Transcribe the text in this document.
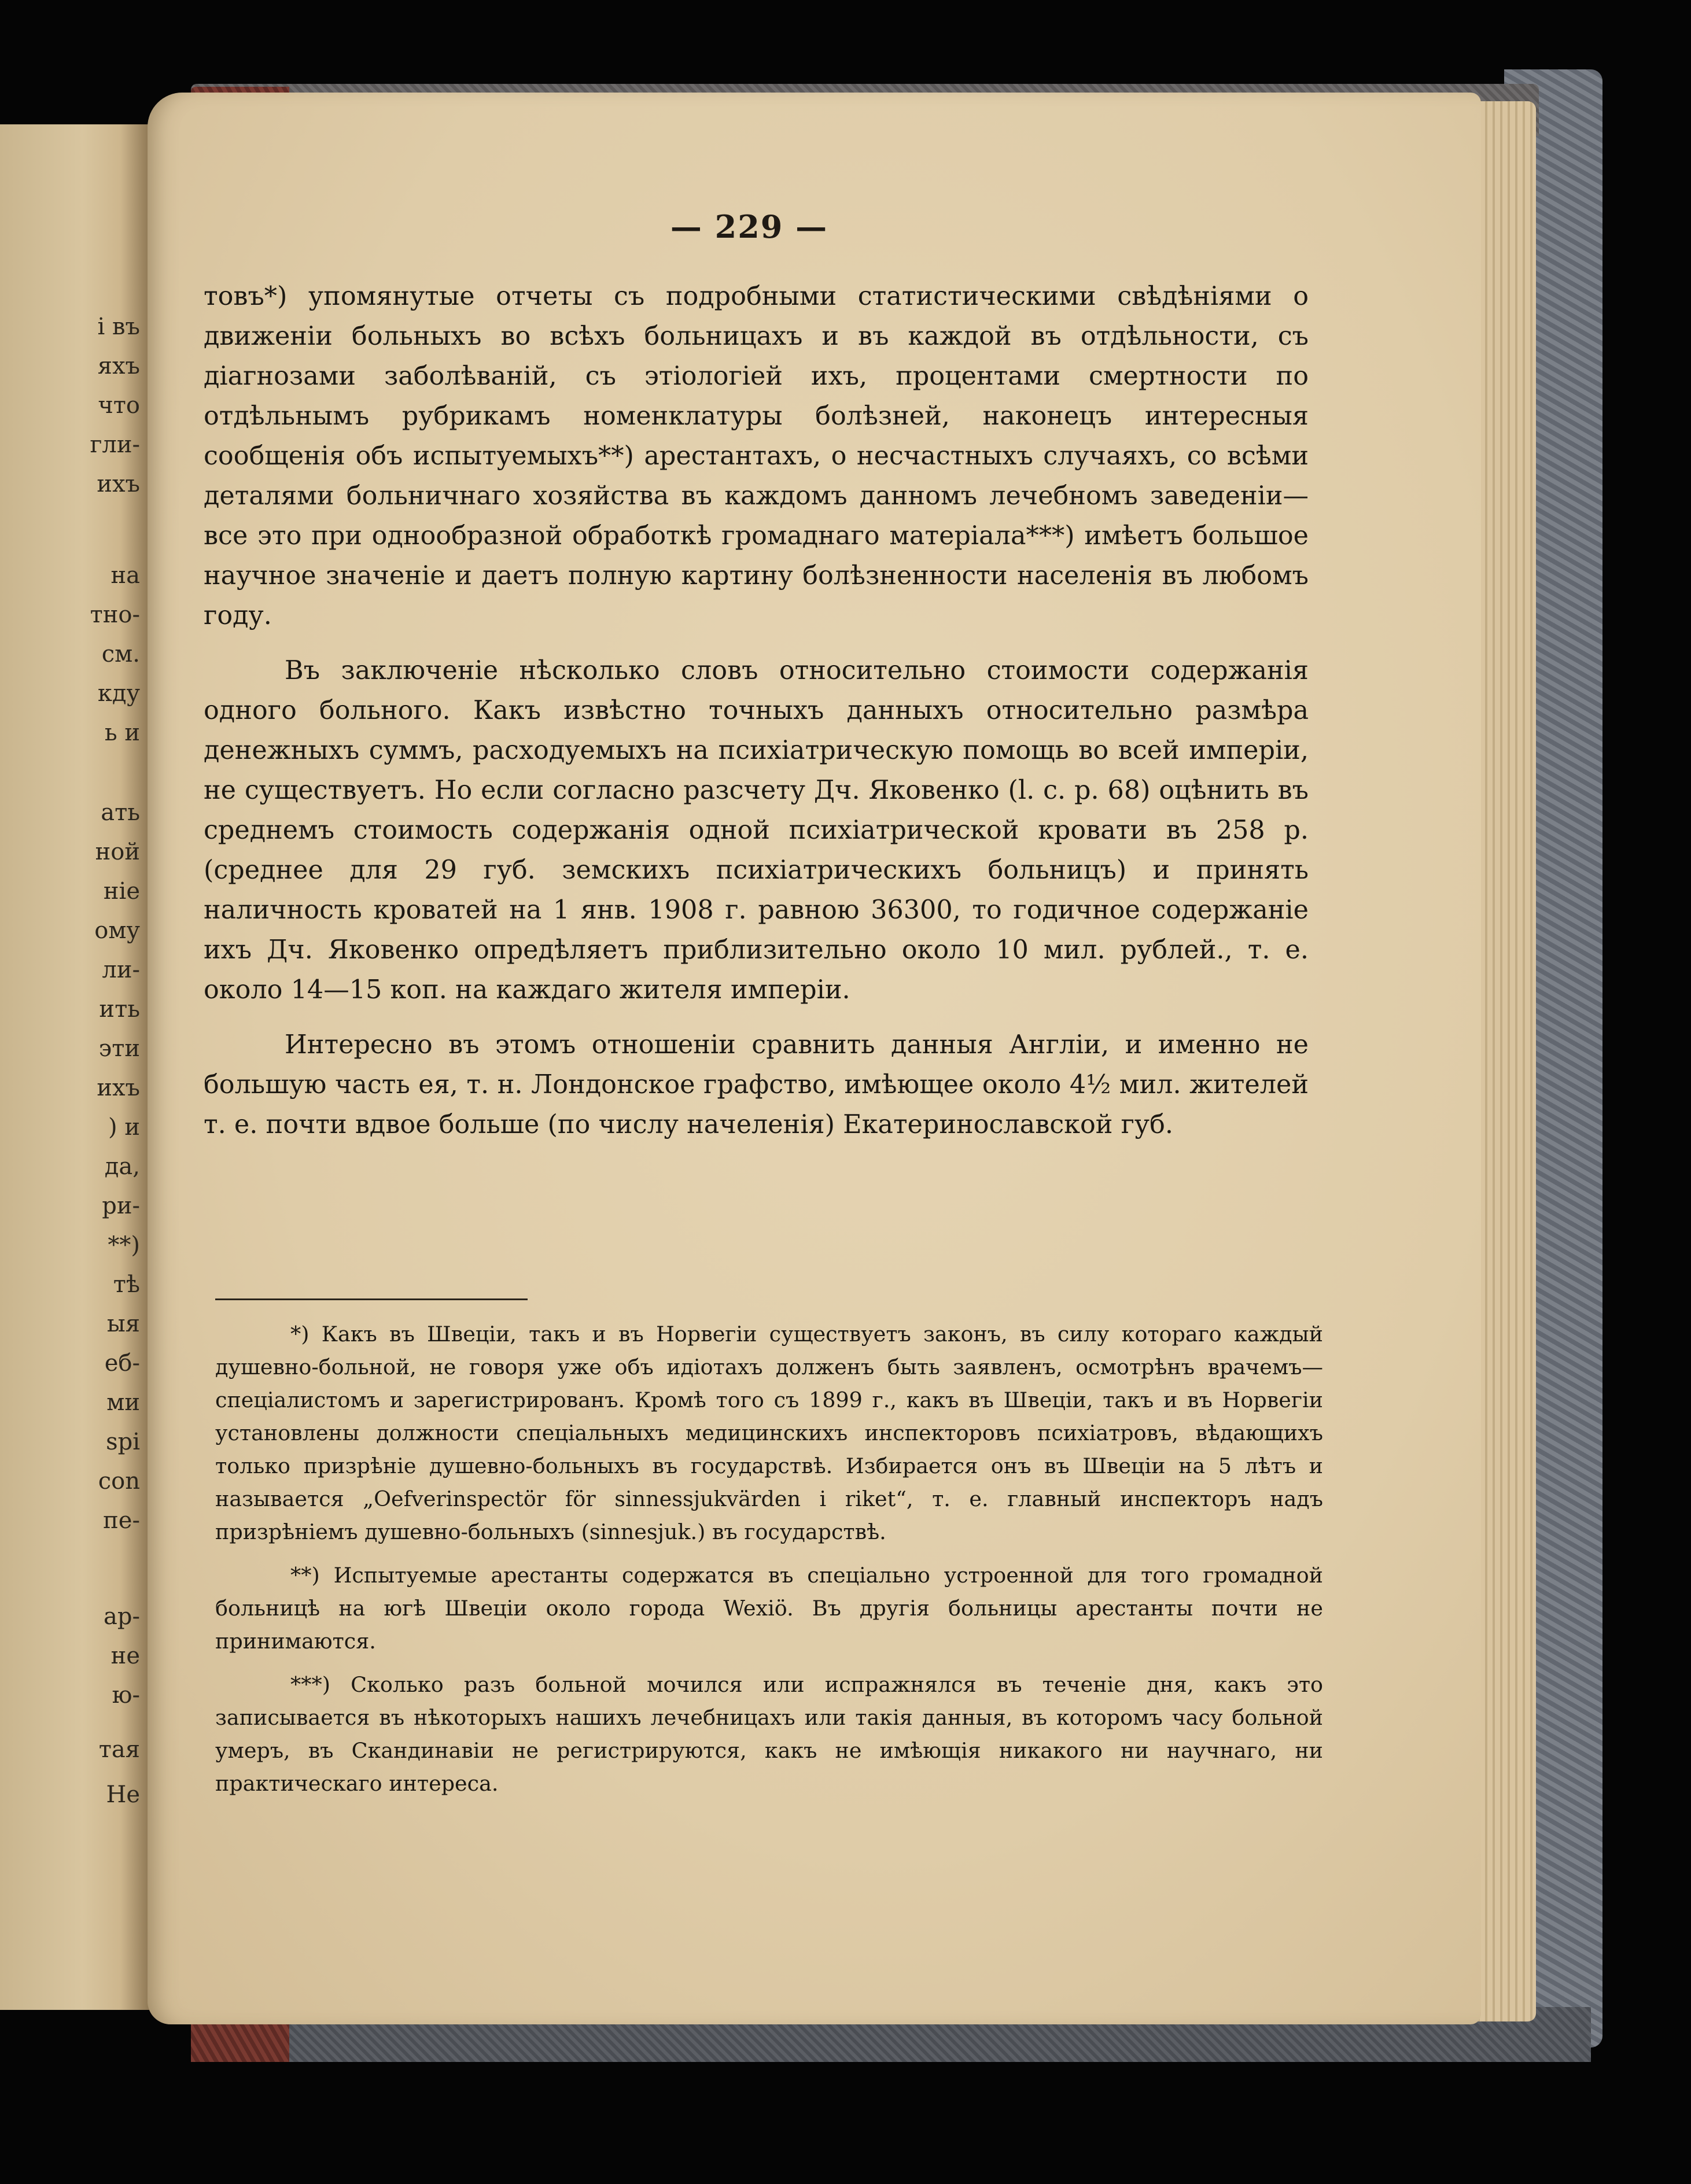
i въ
яхъ
что
гли-
ихъ
на
тно-
см.
кду
ь и
ать
ной
ніе
ому
ли-
ить
эти
ихъ
) и
да,
ри-
**)
тѣ
ыя
еб-
ми
spi
con
пе-
ар-
не
ю-
тая
Не
— 229 —

товъ*) упомянутые отчеты съ подробными статистическими свѣдѣніями о движеніи больныхъ во всѣхъ больницахъ и въ каждой въ отдѣльности, съ діагнозами заболѣваній, съ этіологіей ихъ, процентами смертности по отдѣльнымъ рубрикамъ номенклатуры болѣзней, наконецъ интересныя сообщенія объ испытуемыхъ**) арестантахъ, о несчастныхъ случаяхъ, со всѣми деталями больничнаго хозяйства въ каждомъ данномъ лечебномъ заведеніи—все это при однообразной обработкѣ громаднаго матеріала***) имѣетъ большое научное значеніе и даетъ полную картину болѣзненности населенія въ любомъ году.

Въ заключеніе нѣсколько словъ относительно стоимости содержанія одного больного. Какъ извѣстно точныхъ данныхъ относительно размѣра денежныхъ суммъ, расходуемыхъ на психіатрическую помощь во всей имперіи, не существуетъ. Но если согласно разсчету Дч. Яковенко (l. с. р. 68) оцѣнить въ среднемъ стоимость содержанія одной психіатрической кровати въ 258 р. (среднее для 29 губ. земскихъ психіатрическихъ больницъ) и принять наличность кроватей на 1 янв. 1908 г. равною 36300, то годичное содержаніе ихъ Дч. Яковенко опредѣляетъ приблизительно около 10 мил. рублей., т. е. около 14—15 коп. на каждаго жителя имперіи.

Интересно въ этомъ отношеніи сравнить данныя Англіи, и именно не большую часть ея, т. н. Лондонское графство, имѣющее около 4½ мил. жителей т. е. почти вдвое больше (по числу начеленія) Екатеринославской губ.

*) Какъ въ Швеціи, такъ и въ Норвегіи существуетъ законъ, въ силу котораго каждый душевно-больной, не говоря уже объ идіотахъ долженъ быть заявленъ, осмотрѣнъ врачемъ—спеціалистомъ и зарегистрированъ. Кромѣ того съ 1899 г., какъ въ Швеціи, такъ и въ Норвегіи установлены должности спеціальныхъ медицинскихъ инспекторовъ психіатровъ, вѣдающихъ только призрѣніе душевно-больныхъ въ государствѣ. Избирается онъ въ Швеціи на 5 лѣтъ и называется „Oefverinspectör för sinnessjukvärden i riket“, т. е. главный инспекторъ надъ призрѣніемъ душевно-больныхъ (sinnesjuk.) въ государствѣ.

**) Испытуемые арестанты содержатся въ спеціально устроенной для того громадной больницѣ на югѣ Швеціи около города Wexiö. Въ другія больницы арестанты почти не принимаются.

***) Сколько разъ больной мочился или испражнялся въ теченіе дня, какъ это записывается въ нѣкоторыхъ нашихъ лечебницахъ или такія данныя, въ которомъ часу больной умеръ, въ Скандинавіи не регистрируются, какъ не имѣющія никакого ни научнаго, ни практическаго интереса.
